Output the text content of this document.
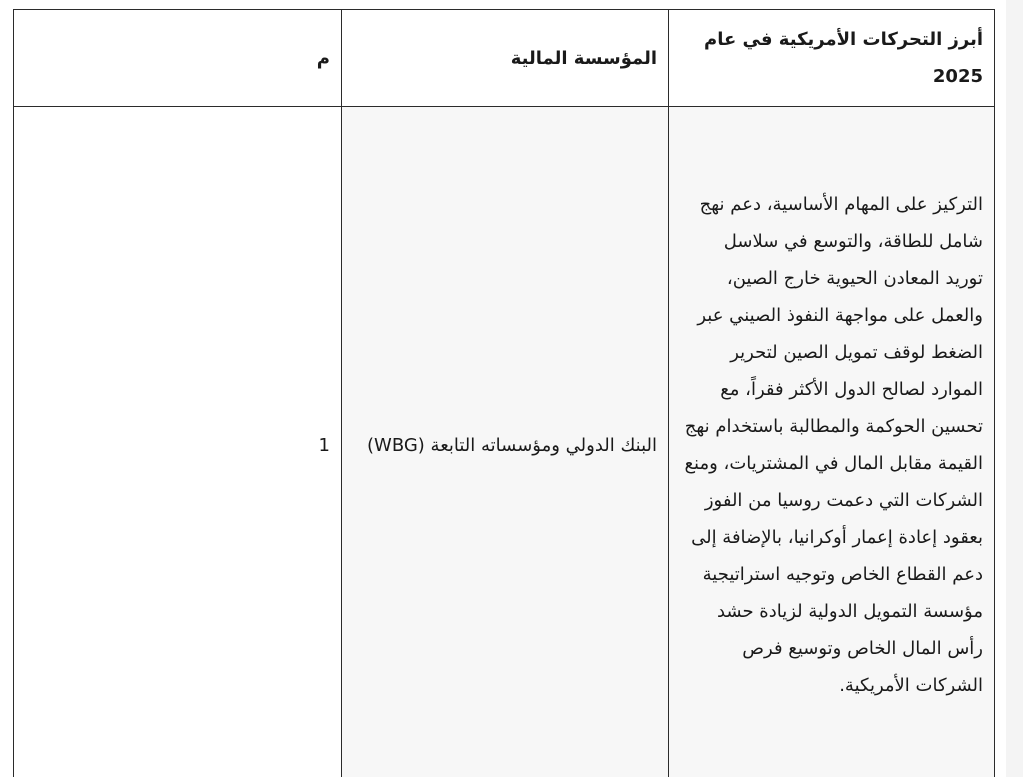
أبرز التحركات الأمريكية في عام 2025	المؤسسة المالية	م

التركيز على المهام الأساسية، دعم نهج شامل للطاقة، والتوسع في سلاسل توريد المعادن الحيوية خارج الصين، والعمل على مواجهة النفوذ الصيني عبر الضغط لوقف تمويل الصين لتحرير الموارد لصالح الدول الأكثر فقراً، مع تحسين الحوكمة والمطالبة باستخدام نهج القيمة مقابل المال في المشتريات، ومنع الشركات التي دعمت روسيا من الفوز بعقود إعادة إعمار أوكرانيا، بالإضافة إلى دعم القطاع الخاص وتوجيه استراتيجية مؤسسة التمويل الدولية لزيادة حشد رأس المال الخاص وتوسيع فرص الشركات الأمريكية.	البنك الدولي ومؤسساته التابعة (WBG)	1
